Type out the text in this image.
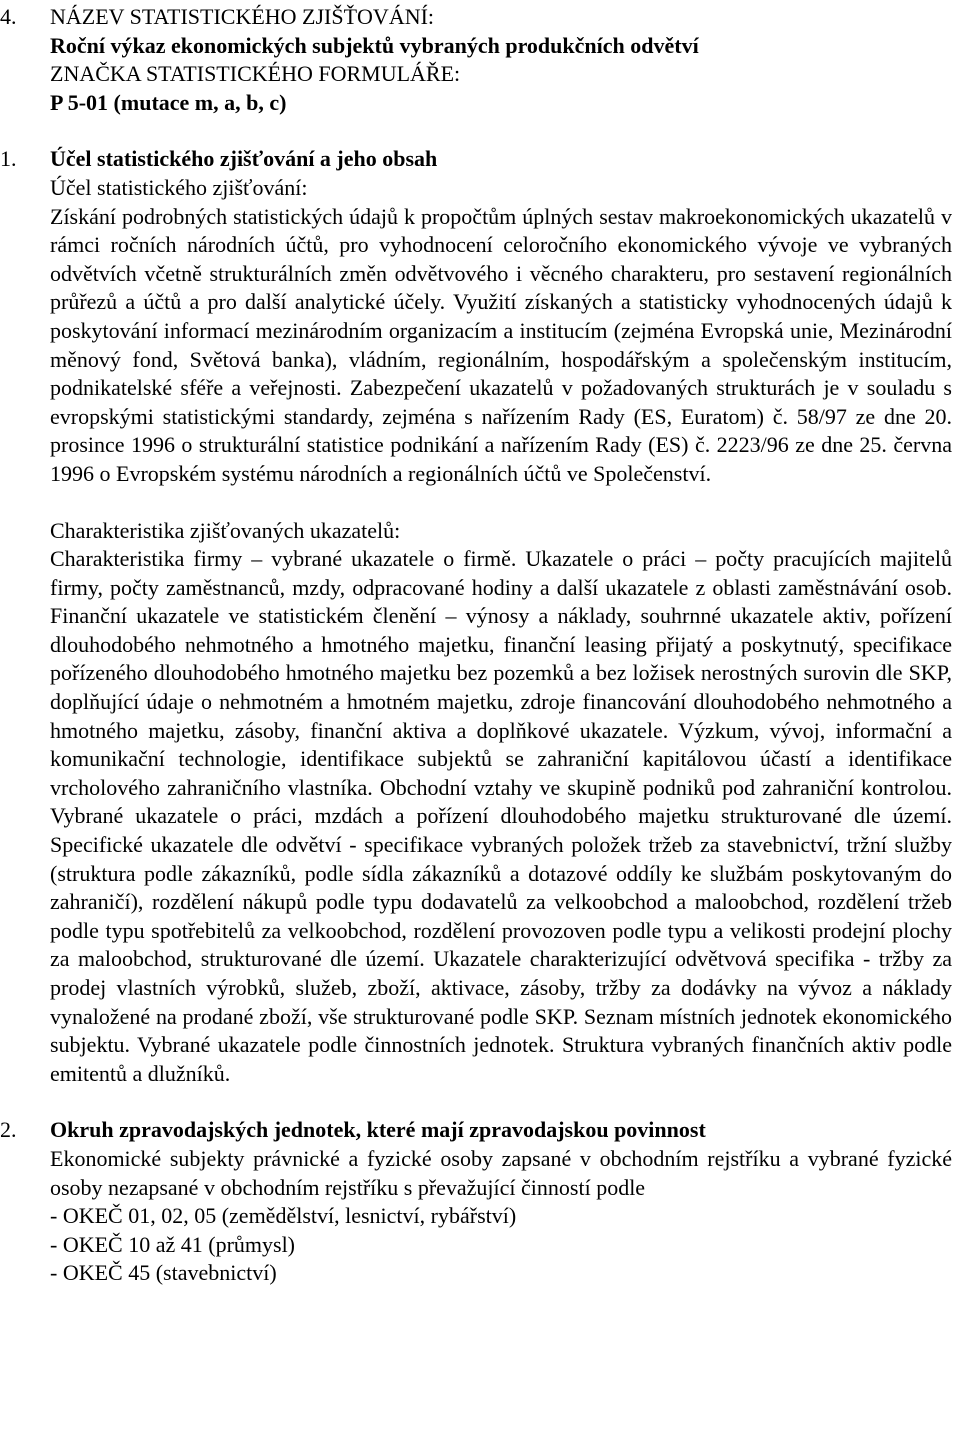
4. NÁZEV STATISTICKÉHO ZJIŠŤOVÁNÍ:
Roční výkaz ekonomických subjektů vybraných produkčních odvětví
ZNAČKA STATISTICKÉHO FORMULÁŘE:
P 5-01 (mutace m, a, b, c)
1. Účel statistického zjišťování a jeho obsah
Účel statistického zjišťování:
Získání podrobných statistických údajů k propočtům úplných sestav makroekonomických ukazatelů v rámci ročních národních účtů, pro vyhodnocení celoročního ekonomického vývoje ve vybraných odvětvích včetně strukturálních změn odvětvového i věcného charakteru, pro sestavení regionálních průřezů a účtů a pro další analytické účely. Využití získaných a statisticky vyhodnocených údajů k poskytování informací mezinárodním organizacím a institucím (zejména Evropská unie, Mezinárodní měnový fond, Světová banka), vládním, regionálním, hospodářským a společenským institucím, podnikatelské sféře a veřejnosti. Zabezpečení ukazatelů v požadovaných strukturách je v souladu s evropskými statistickými standardy, zejména s nařízením Rady (ES, Euratom) č. 58/97 ze dne 20. prosince 1996 o strukturální statistice podnikání a nařízením Rady (ES) č. 2223/96 ze dne 25. června 1996 o Evropském systému národních a regionálních účtů ve Společenství.
Charakteristika zjišťovaných ukazatelů:
Charakteristika firmy – vybrané ukazatele o firmě. Ukazatele o práci – počty pracujících majitelů firmy, počty zaměstnanců, mzdy, odpracované hodiny a další ukazatele z oblasti zaměstnávání osob. Finanční ukazatele ve statistickém členění – výnosy a náklady, souhrnné ukazatele aktiv, pořízení dlouhodobého nehmotného a hmotného majetku, finanční leasing přijatý a poskytnutý, specifikace pořízeného dlouhodobého hmotného majetku bez pozemků a bez ložisek nerostných surovin dle SKP, doplňující údaje o nehmotném a hmotném majetku, zdroje financování dlouhodobého nehmotného a hmotného majetku, zásoby, finanční aktiva a doplňkové ukazatele. Výzkum, vývoj, informační a komunikační technologie, identifikace subjektů se zahraniční kapitálovou účastí a identifikace vrcholového zahraničního vlastníka. Obchodní vztahy ve skupině podniků pod zahraniční kontrolou. Vybrané ukazatele o práci, mzdách a pořízení dlouhodobého majetku strukturované dle území. Specifické ukazatele dle odvětví - specifikace vybraných položek tržeb za stavebnictví, tržní služby (struktura podle zákazníků, podle sídla zákazníků a dotazové oddíly ke službám poskytovaným do zahraničí), rozdělení nákupů podle typu dodavatelů za velkoobchod a maloobchod, rozdělení tržeb podle typu spotřebitelů za velkoobchod, rozdělení provozoven podle typu a velikosti prodejní plochy za maloobchod, strukturované dle území. Ukazatele charakterizující odvětvová specifika - tržby za prodej vlastních výrobků, služeb, zboží, aktivace, zásoby, tržby za dodávky na vývoz a náklady vynaložené na prodané zboží, vše strukturované podle SKP. Seznam místních jednotek ekonomického subjektu. Vybrané ukazatele podle činnostních jednotek. Struktura vybraných finančních aktiv podle emitentů a dlužníků.
2. Okruh zpravodajských jednotek, které mají zpravodajskou povinnost
Ekonomické subjekty právnické a fyzické osoby zapsané v obchodním rejstříku a vybrané fyzické osoby nezapsané v obchodním rejstříku s převažující činností podle
- OKEČ 01, 02, 05 (zemědělství, lesnictví, rybářství)
- OKEČ 10 až 41 (průmysl)
- OKEČ 45 (stavebnictví)
